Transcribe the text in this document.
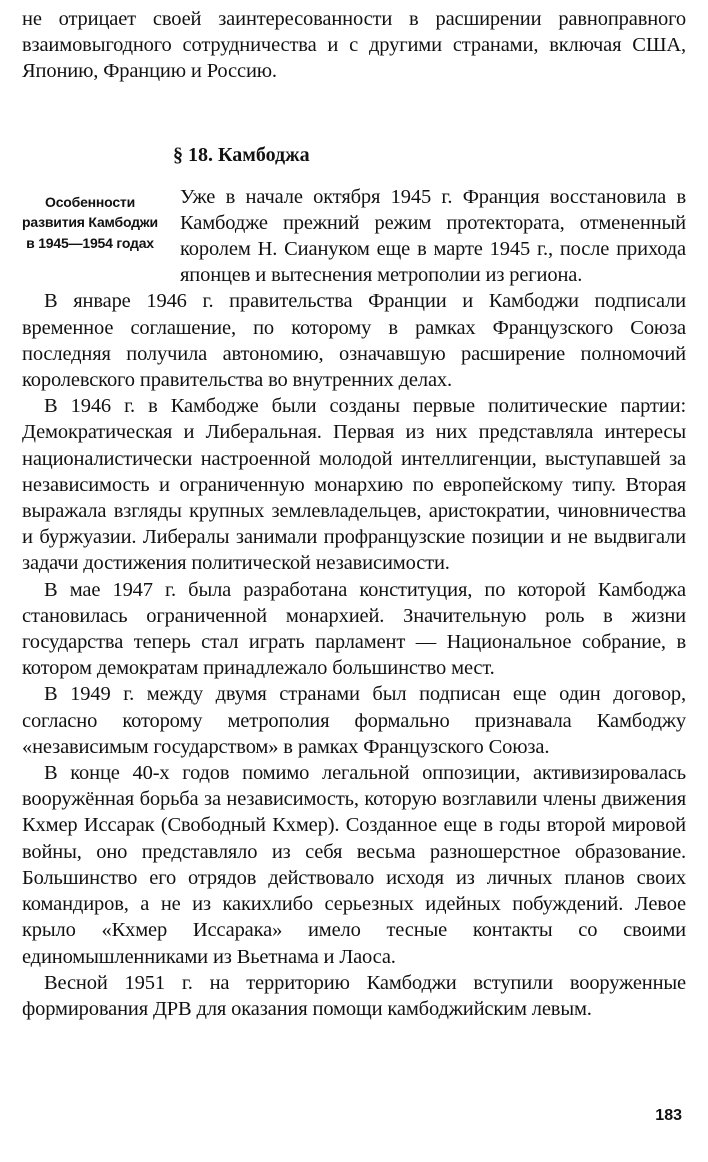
не отрицает своей заинтересованности в расширении равноправного взаимовыгодного сотрудничества и с другими странами, включая США, Японию, Францию и Россию.

§ 18. Камбоджа
Особенности развития Камбоджи в 1945—1954 годах

Уже в начале октября 1945 г. Франция восстановила в Камбодже прежний режим протектората, отмененный королем Н. Сиануком еще в марте 1945 г., после прихода японцев и вытеснения метрополии из региона.

В январе 1946 г. правительства Франции и Камбоджи подписали временное соглашение, по которому в рамках Французского Союза последняя получила автономию, означавшую расширение полномочий королевского правительства во внутренних делах.

В 1946 г. в Камбодже были созданы первые политические партии: Демократическая и Либеральная. Первая из них представляла интересы националистически настроенной молодой интеллигенции, выступавшей за независимость и ограниченную монархию по европейскому типу. Вторая выражала взгляды крупных землевладельцев, аристократии, чиновничества и буржуазии. Либералы занимали профранцузские позиции и не выдвигали задачи достижения политической независимости.

В мае 1947 г. была разработана конституция, по которой Камбоджа становилась ограниченной монархией. Значительную роль в жизни государства теперь стал играть парламент — Национальное собрание, в котором демократам принадлежало большинство мест.

В 1949 г. между двумя странами был подписан еще один договор, согласно которому метрополия формально признавала Камбоджу «независимым государством» в рамках Французского Союза.

В конце 40-х годов помимо легальной оппозиции, активизировалась вооружённая борьба за независимость, которую возглавили члены движения Кхмер Иссарак (Свободный Кхмер). Созданное еще в годы второй мировой войны, оно представляло из себя весьма разношерстное образование. Большинство его отрядов действовало исходя из личных планов своих командиров, а не из какихлибо серьезных идейных побуждений. Левое крыло «Кхмер Иссарака» имело тесные контакты со своими единомышленниками из Вьетнама и Лаоса.

Весной 1951 г. на территорию Камбоджи вступили вооруженные формирования ДРВ для оказания помощи камбоджийским левым.

183
